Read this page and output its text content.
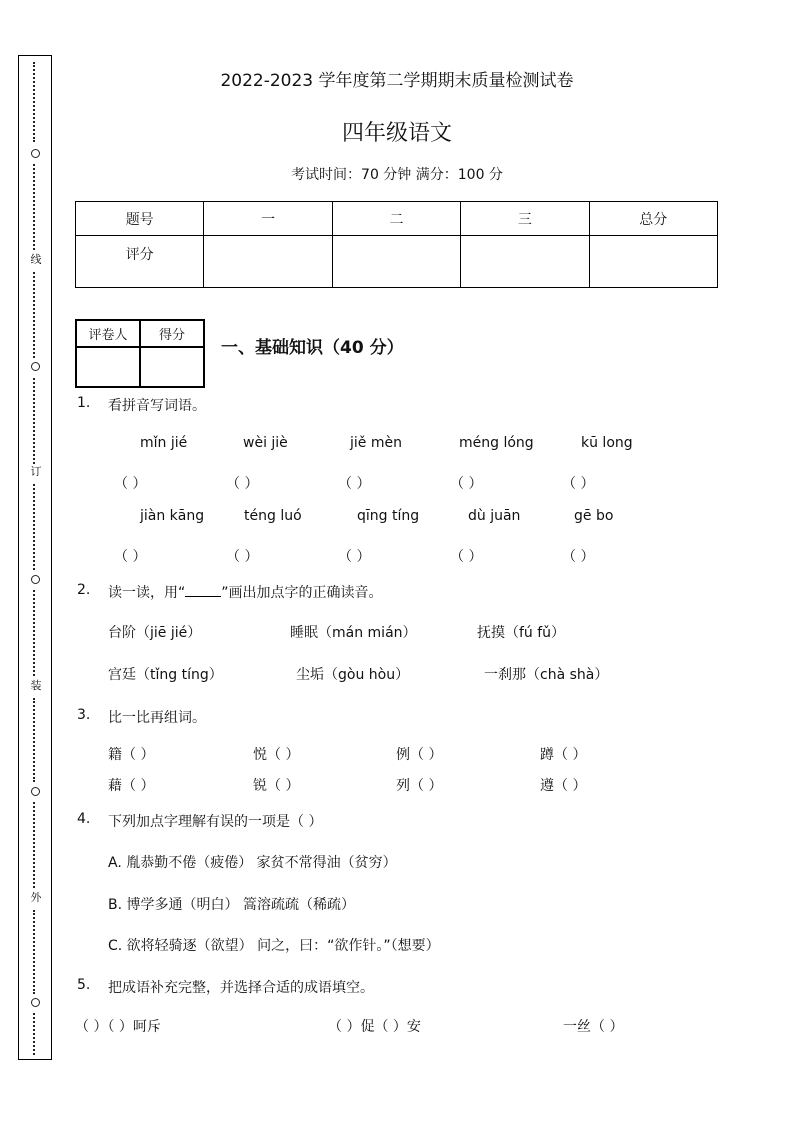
线
订
装
外
2022-2023 学年度第二学期期末质量检测试卷
四年级语文
考试时间：70 分钟 满分：100 分
题号	一	二	三	总分
评分				
评卷人	得分

一、基础知识（40 分）
1. 看拼音写词语。
mǐn jié	wèi jiè	jiě mèn	méng lóng	kū long
（ ）	（ ）	（ ）	（ ）	（ ）
jiàn kāng	téng luó	qīng tíng	dù juān	gē bo
（ ）	（ ）	（ ）	（ ）	（ ）
2. 读一读，用“	”画出加点字的正确读音。
台阶（jiē jié）	睡眠（mán mián）	抚摸（fú fǔ）
宫廷（tǐng tíng）	尘垢（gòu hòu）	一刹那（chà shà）
3. 比一比再组词。
籍（ ）	悦（ ）	例（ ）	蹲（ ）
藉（ ）	锐（ ）	列（ ）	遵（ ）
4. 下列加点字理解有误的一项是（ ）
A. 胤恭勤不倦（疲倦） 家贫不常得油（贫穷）
B. 博学多通（明白） 篙溶疏疏（稀疏）
C. 欲将轻骑逐（欲望） 问之，曰：“欲作针。”（想要）
5. 把成语补充完整，并选择合适的成语填空。
（ ）（ ）呵斥	（ ）促（ ）安	一丝（ ）
